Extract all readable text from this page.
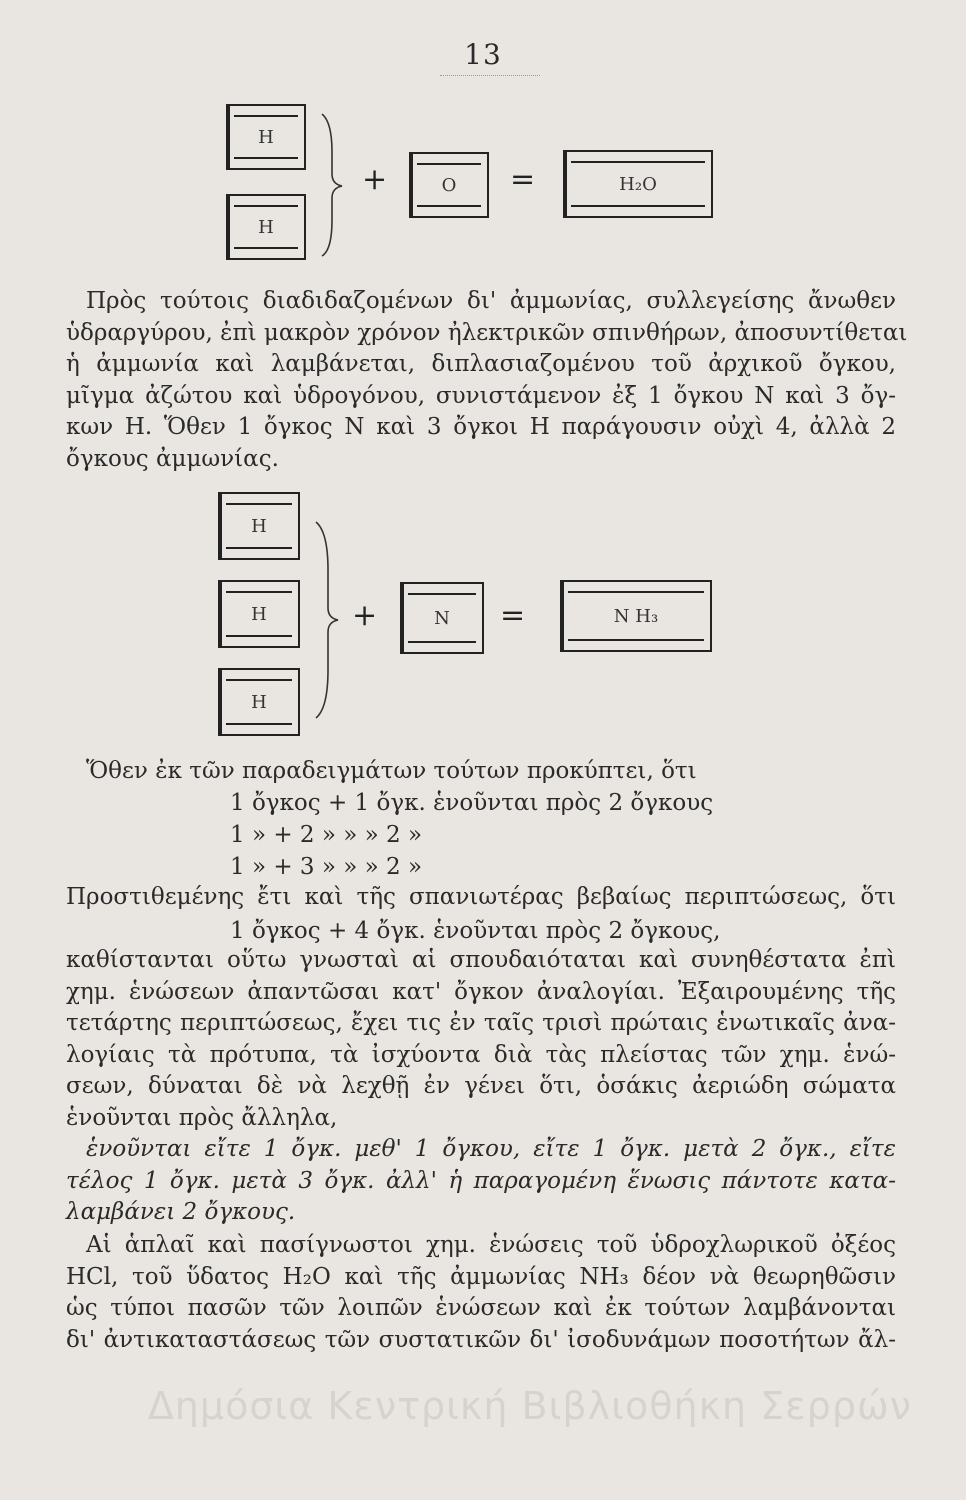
13
H
H
+	O	=	H₂O
Πρὸς τούτοις διαδιδαζομένων δι' ἀμμωνίας, συλλεγείσης ἄνωθεν
ὑδραργύρου, ἐπὶ μακρὸν χρόνον ἠλεκτρικῶν σπινθήρων, ἀποσυντίθεται
ἡ ἀμμωνία καὶ λαμβάνεται, διπλασιαζομένου τοῦ ἀρχικοῦ ὄγκου,
μῖγμα ἀζώτου καὶ ὑδρογόνου, συνιστάμενον ἐξ 1 ὄγκου N καὶ 3 ὄγ-
κων H. Ὅθεν 1 ὄγκος N καὶ 3 ὄγκοι H παράγουσιν οὐχὶ 4, ἀλλὰ 2
ὄγκους ἀμμωνίας.
H
H
H
+	N	=	N H₃
Ὅθεν ἐκ τῶν παραδειγμάτων τούτων προκύπτει, ὅτι
1 ὄγκος + 1 ὄγκ. ἑνοῦνται πρὸς 2 ὄγκους
1 » + 2 » » » 2 »
1 » + 3 » » » 2 »
Προστιθεμένης ἔτι καὶ τῆς σπανιωτέρας βεβαίως περιπτώσεως, ὅτι
1 ὄγκος + 4 ὄγκ. ἑνοῦνται πρὸς 2 ὄγκους,
καθίστανται οὕτω γνωσταὶ αἱ σπουδαιόταται καὶ συνηθέστατα ἐπὶ
χημ. ἑνώσεων ἀπαντῶσαι κατ' ὄγκον ἀναλογίαι. Ἐξαιρουμένης τῆς
τετάρτης περιπτώσεως, ἔχει τις ἐν ταῖς τρισὶ πρώταις ἑνωτικαῖς ἀνα-
λογίαις τὰ πρότυπα, τὰ ἰσχύοντα διὰ τὰς πλείστας τῶν χημ. ἑνώ-
σεων, δύναται δὲ νὰ λεχθῇ ἐν γένει ὅτι, ὁσάκις ἀεριώδη σώματα
ἑνοῦνται πρὸς ἄλληλα,
ἑνοῦνται εἴτε 1 ὄγκ. μεθ' 1 ὄγκου, εἴτε 1 ὄγκ. μετὰ 2 ὄγκ., εἴτε
τέλος 1 ὄγκ. μετὰ 3 ὄγκ. ἀλλ' ἡ παραγομένη ἕνωσις πάντοτε κατα-
λαμβάνει 2 ὄγκους.
Αἱ ἁπλαῖ καὶ πασίγνωστοι χημ. ἑνώσεις τοῦ ὑδροχλωρικοῦ ὀξέος
HCl, τοῦ ὕδατος H₂O καὶ τῆς ἀμμωνίας NH₃ δέον νὰ θεωρηθῶσιν
ὡς τύποι πασῶν τῶν λοιπῶν ἑνώσεων καὶ ἐκ τούτων λαμβάνονται
δι' ἀντικαταστάσεως τῶν συστατικῶν δι' ἰσοδυνάμων ποσοτήτων ἄλ-
Δημόσια Κεντρική Βιβλιοθήκη Σερρών
